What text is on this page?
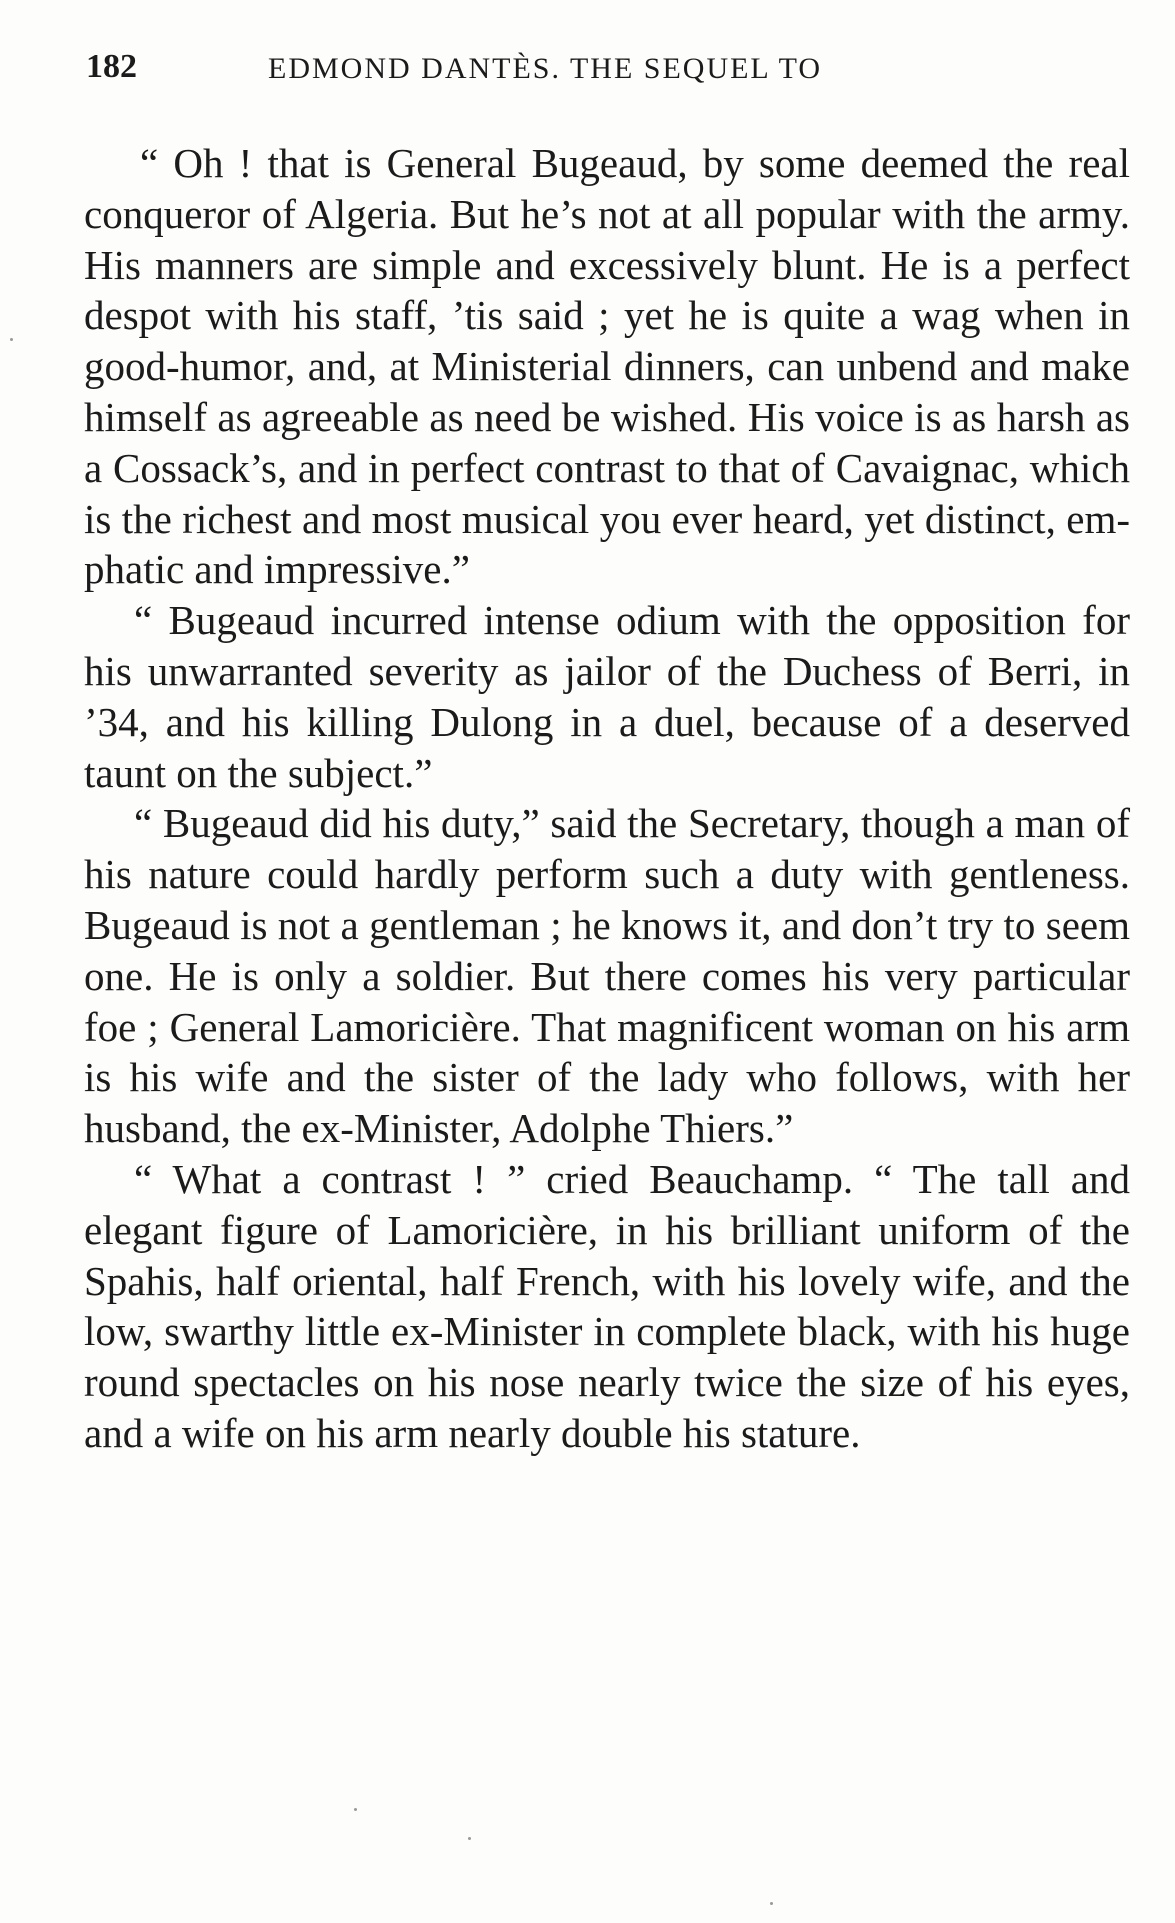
182	EDMOND DANTÈS. THE SEQUEL TO

“ Oh ! that is General Bugeaud, by some deemed the real conqueror of Algeria. But he’s not at all popular with the army. His manners are simple and excessively blunt. He is a perfect despot with his staff, ’tis said ; yet he is quite a wag when in good-humor, and, at Ministerial dinners, can unbend and make himself as agreeable as need be wished. His voice is as harsh as a Cossack’s, and in perfect contrast to that of Cavaignac, which is the richest and most musical you ever heard, yet distinct, emphatic and impressive.”

“ Bugeaud incurred intense odium with the opposition for his unwarranted severity as jailor of the Duchess of Berri, in ’34, and his killing Dulong in a duel, because of a deserved taunt on the subject.”

“ Bugeaud did his duty,” said the Secretary, though a man of his nature could hardly perform such a duty with gentleness. Bugeaud is not a gentleman ; he knows it, and don’t try to seem one. He is only a soldier. But there comes his very particular foe ; General Lamoricière. That magnificent woman on his arm is his wife and the sister of the lady who follows, with her husband, the ex-Minister, Adolphe Thiers.”

“ What a contrast ! ” cried Beauchamp. “ The tall and elegant figure of Lamoricière, in his brilliant uniform of the Spahis, half oriental, half French, with his lovely wife, and the low, swarthy little ex-Minister in complete black, with his huge round spectacles on his nose nearly twice the size of his eyes, and a wife on his arm nearly double his stature.
